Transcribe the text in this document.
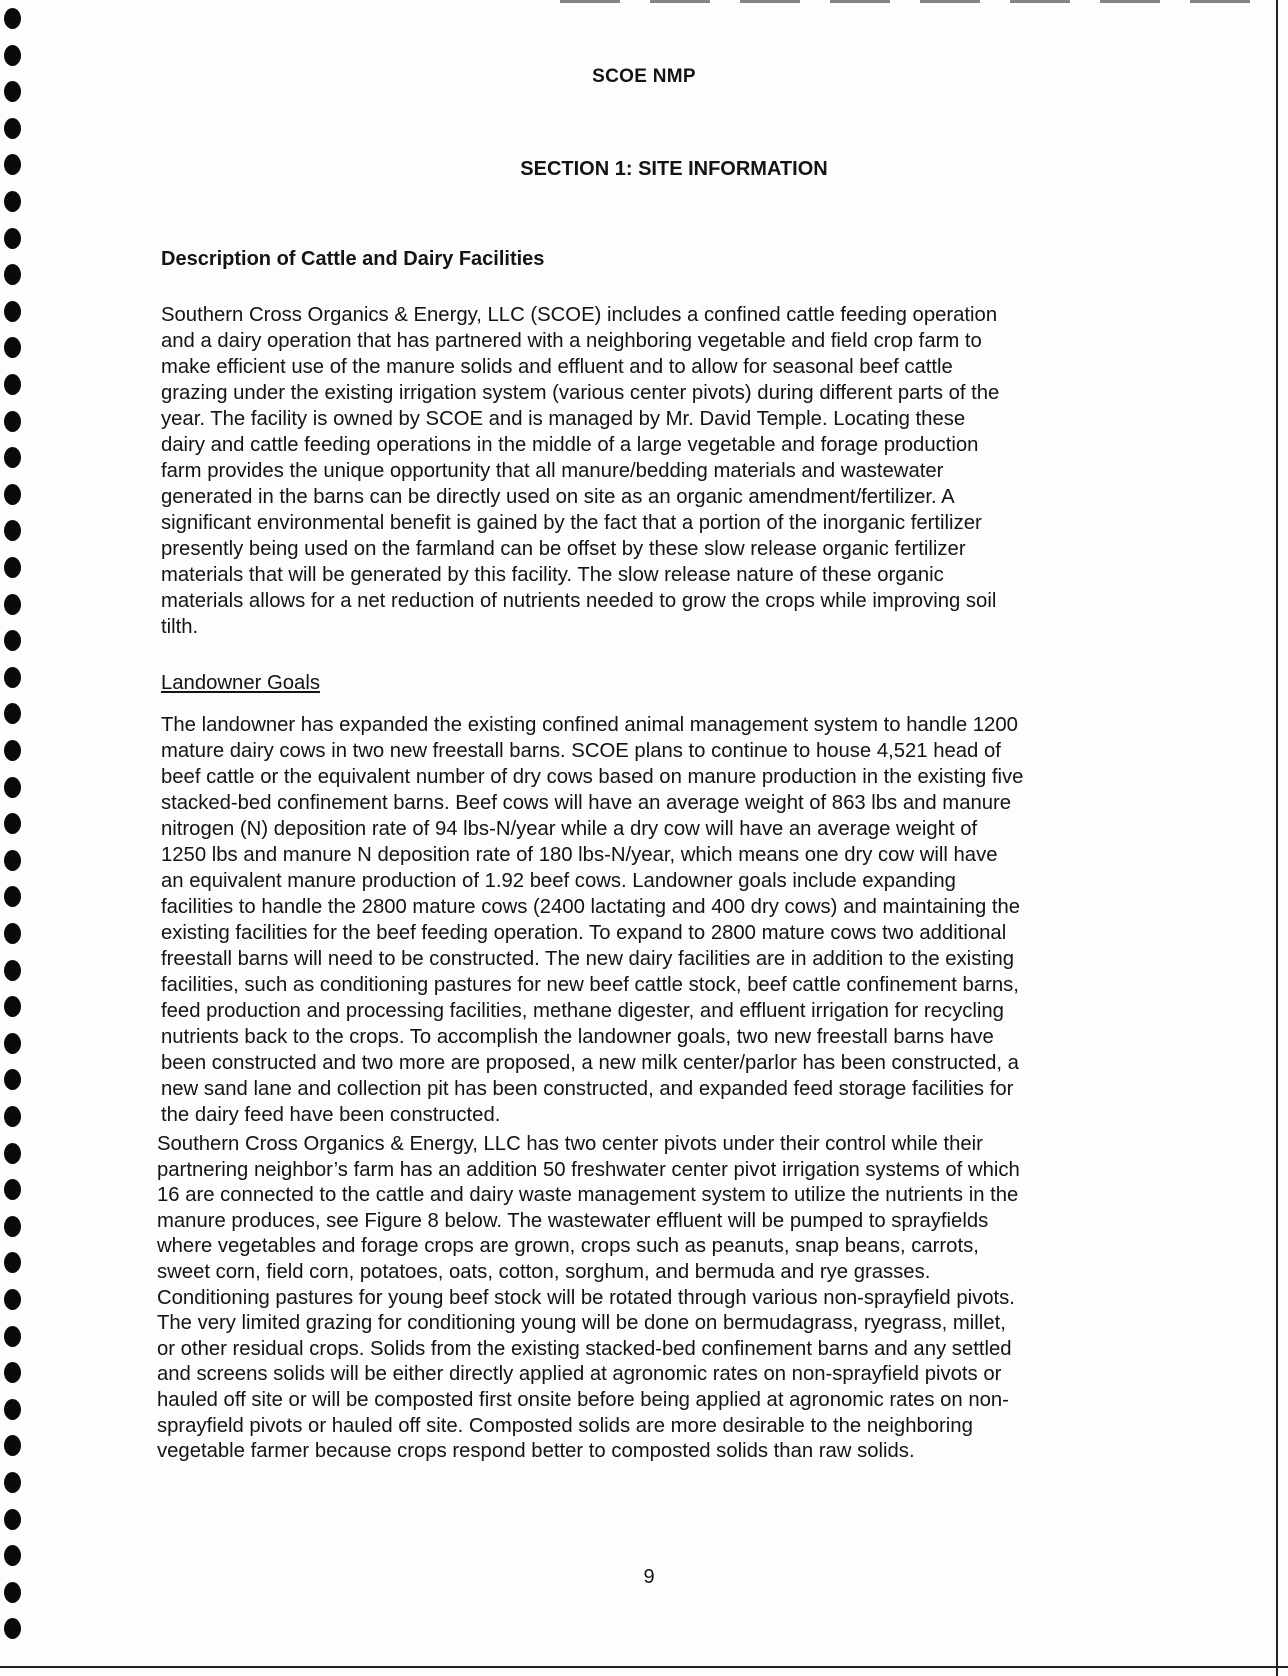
SCOE NMP
SECTION 1: SITE INFORMATION
Description of Cattle and Dairy Facilities
Southern Cross Organics & Energy, LLC (SCOE) includes a confined cattle feeding operation
and a dairy operation that has partnered with a neighboring vegetable and field crop farm to
make efficient use of the manure solids and effluent and to allow for seasonal beef cattle
grazing under the existing irrigation system (various center pivots) during different parts of the
year. The facility is owned by SCOE and is managed by Mr. David Temple. Locating these
dairy and cattle feeding operations in the middle of a large vegetable and forage production
farm provides the unique opportunity that all manure/bedding materials and wastewater
generated in the barns can be directly used on site as an organic amendment/fertilizer. A
significant environmental benefit is gained by the fact that a portion of the inorganic fertilizer
presently being used on the farmland can be offset by these slow release organic fertilizer
materials that will be generated by this facility. The slow release nature of these organic
materials allows for a net reduction of nutrients needed to grow the crops while improving soil
tilth.
Landowner Goals
The landowner has expanded the existing confined animal management system to handle 1200
mature dairy cows in two new freestall barns. SCOE plans to continue to house 4,521 head of
beef cattle or the equivalent number of dry cows based on manure production in the existing five
stacked-bed confinement barns. Beef cows will have an average weight of 863 lbs and manure
nitrogen (N) deposition rate of 94 lbs-N/year while a dry cow will have an average weight of
1250 lbs and manure N deposition rate of 180 lbs-N/year, which means one dry cow will have
an equivalent manure production of 1.92 beef cows. Landowner goals include expanding
facilities to handle the 2800 mature cows (2400 lactating and 400 dry cows) and maintaining the
existing facilities for the beef feeding operation. To expand to 2800 mature cows two additional
freestall barns will need to be constructed. The new dairy facilities are in addition to the existing
facilities, such as conditioning pastures for new beef cattle stock, beef cattle confinement barns,
feed production and processing facilities, methane digester, and effluent irrigation for recycling
nutrients back to the crops. To accomplish the landowner goals, two new freestall barns have
been constructed and two more are proposed, a new milk center/parlor has been constructed, a
new sand lane and collection pit has been constructed, and expanded feed storage facilities for
the dairy feed have been constructed.
Southern Cross Organics & Energy, LLC has two center pivots under their control while their
partnering neighbor’s farm has an addition 50 freshwater center pivot irrigation systems of which
16 are connected to the cattle and dairy waste management system to utilize the nutrients in the
manure produces, see Figure 8 below. The wastewater effluent will be pumped to sprayfields
where vegetables and forage crops are grown, crops such as peanuts, snap beans, carrots,
sweet corn, field corn, potatoes, oats, cotton, sorghum, and bermuda and rye grasses.
Conditioning pastures for young beef stock will be rotated through various non-sprayfield pivots.
The very limited grazing for conditioning young will be done on bermudagrass, ryegrass, millet,
or other residual crops. Solids from the existing stacked-bed confinement barns and any settled
and screens solids will be either directly applied at agronomic rates on non-sprayfield pivots or
hauled off site or will be composted first onsite before being applied at agronomic rates on non-
sprayfield pivots or hauled off site. Composted solids are more desirable to the neighboring
vegetable farmer because crops respond better to composted solids than raw solids.
9
